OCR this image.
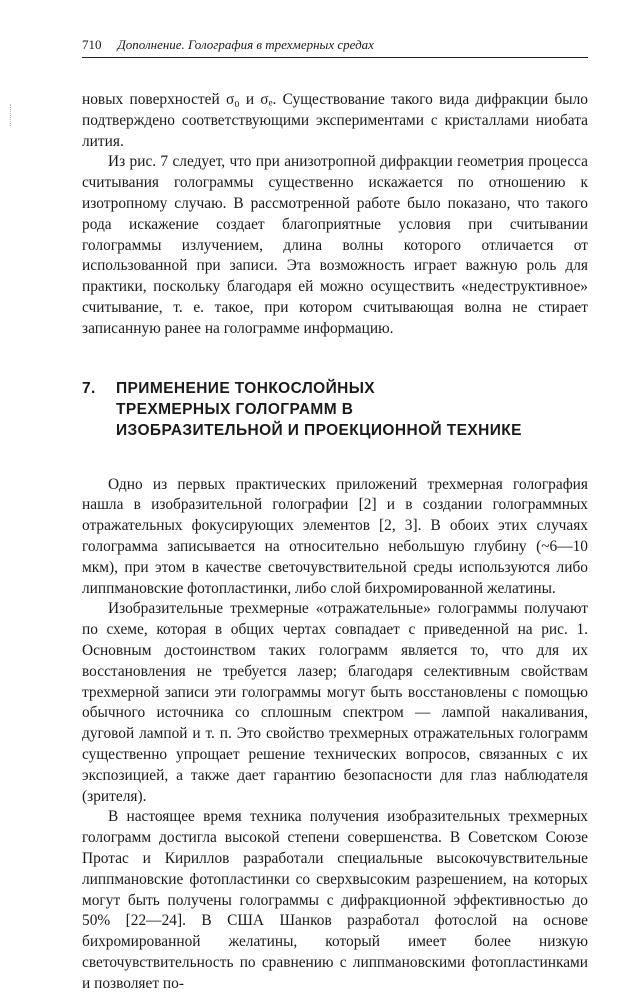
710 Дополнение. Голография в трехмерных средах

новых поверхностей σ₀ и σₑ. Существование такого вида дифракции было подтверждено соответствующими экспериментами с кристаллами ниобата лития.

Из рис. 7 следует, что при анизотропной дифракции геометрия процесса считывания голограммы существенно искажается по отношению к изотропному случаю. В рассмотренной работе было показано, что такого рода искажение создает благоприятные условия при считывании голограммы излучением, длина волны которого отличается от использованной при записи. Эта возможность играет важную роль для практики, поскольку благодаря ей можно осуществить «недеструктивное» считывание, т. е. такое, при котором считывающая волна не стирает записанную ранее на голограмме информацию.

7.	ПРИМЕНЕНИЕ ТОНКОСЛОЙНЫХ
ТРЕХМЕРНЫХ ГОЛОГРАММ В
ИЗОБРАЗИТЕЛЬНОЙ И ПРОЕКЦИОННОЙ ТЕХНИКЕ

Одно из первых практических приложений трехмерная голография нашла в изобразительной голографии [2] и в создании голограммных отражательных фокусирующих элементов [2, 3]. В обоих этих случаях голограмма записывается на относительно небольшую глубину (~6—10 мкм), при этом в качестве светочувствительной среды используются либо липпмановские фотопластинки, либо слой бихромированной желатины.

Изобразительные трехмерные «отражательные» голограммы получают по схеме, которая в общих чертах совпадает с приведенной на рис. 1. Основным достоинством таких голограмм является то, что для их восстановления не требуется лазер; благодаря селективным свойствам трехмерной записи эти голограммы могут быть восстановлены с помощью обычного источника со сплошным спектром — лампой накаливания, дуговой лампой и т. п. Это свойство трехмерных отражательных голограмм существенно упрощает решение технических вопросов, связанных с их экспозицией, а также дает гарантию безопасности для глаз наблюдателя (зрителя).

В настоящее время техника получения изобразительных трехмерных голограмм достигла высокой степени совершенства. В Советском Союзе Протас и Кириллов разработали специальные высокочувствительные липпмановские фотопластинки со сверхвысоким разрешением, на которых могут быть получены голограммы с дифракционной эффективностью до 50% [22—24]. В США Шанков разработал фотослой на основе бихромированной желатины, который имеет более низкую светочувствительность по сравнению с липпмановскими фотопластинками и позволяет по-
